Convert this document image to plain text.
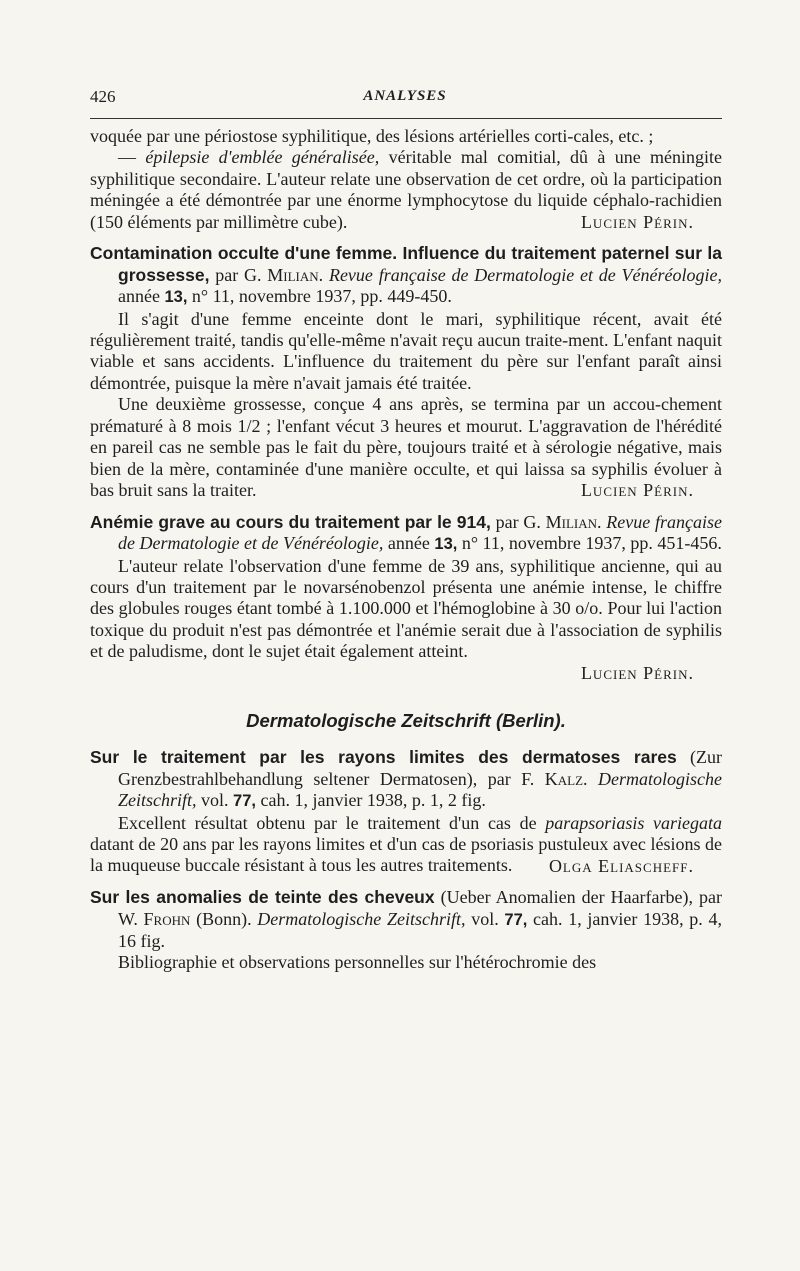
426	ANALYSES

voquée par une périostose syphilitique, des lésions artérielles corti-cales, etc. ;

— épilepsie d'emblée généralisée, véritable mal comitial, dû à une méningite syphilitique secondaire. L'auteur relate une observation de cet ordre, où la participation méningée a été démontrée par une énorme lymphocytose du liquide céphalo-rachidien (150 éléments par millimètre cube).	Lucien Périn.

Contamination occulte d'une femme. Influence du traitement paternel sur la grossesse, par G. Milian. Revue française de Dermatologie et de Vénéréologie, année 13, n° 11, novembre 1937, pp. 449-450.

Il s'agit d'une femme enceinte dont le mari, syphilitique récent, avait été régulièrement traité, tandis qu'elle-même n'avait reçu aucun traite-ment. L'enfant naquit viable et sans accidents. L'influence du traitement du père sur l'enfant paraît ainsi démontrée, puisque la mère n'avait jamais été traitée.

Une deuxième grossesse, conçue 4 ans après, se termina par un accou-chement prématuré à 8 mois 1/2 ; l'enfant vécut 3 heures et mourut. L'aggravation de l'hérédité en pareil cas ne semble pas le fait du père, toujours traité et à sérologie négative, mais bien de la mère, contaminée d'une manière occulte, et qui laissa sa syphilis évoluer à bas bruit sans la traiter.	Lucien Périn.

Anémie grave au cours du traitement par le 914, par G. Milian. Revue française de Dermatologie et de Vénéréologie, année 13, n° 11, novembre 1937, pp. 451-456.

L'auteur relate l'observation d'une femme de 39 ans, syphilitique ancienne, qui au cours d'un traitement par le novarsénobenzol présenta une anémie intense, le chiffre des globules rouges étant tombé à 1.100.000 et l'hémoglobine à 30 o/o. Pour lui l'action toxique du produit n'est pas démontrée et l'anémie serait due à l'association de syphilis et de paludisme, dont le sujet était également atteint.

Lucien Périn.
Dermatologische Zeitschrift (Berlin).

Sur le traitement par les rayons limites des dermatoses rares (Zur Grenzbestrahlbehandlung seltener Dermatosen), par F. Kalz. Dermatologische Zeitschrift, vol. 77, cah. 1, janvier 1938, p. 1, 2 fig.

Excellent résultat obtenu par le traitement d'un cas de parapsoriasis variegata datant de 20 ans par les rayons limites et d'un cas de psoriasis pustuleux avec lésions de la muqueuse buccale résistant à tous les autres traitements.	Olga Eliascheff.

Sur les anomalies de teinte des cheveux (Ueber Anomalien der Haarfarbe), par W. Frohn (Bonn). Dermatologische Zeitschrift, vol. 77, cah. 1, janvier 1938, p. 4, 16 fig.

Bibliographie et observations personnelles sur l'hétérochromie des
